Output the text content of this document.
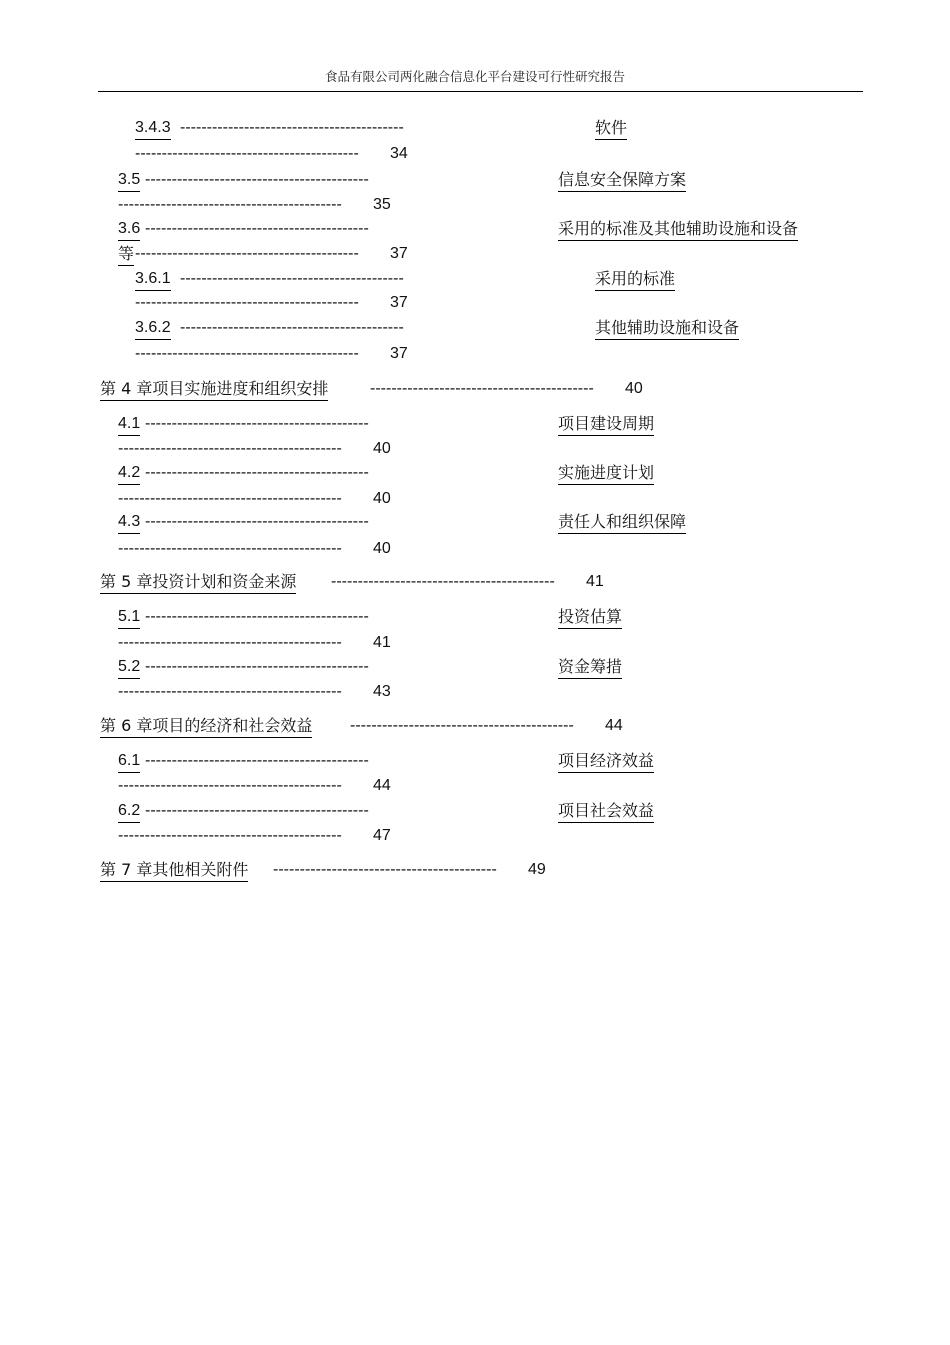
食品有限公司两化融合信息化平台建设可行性研究报告
3.4.3 ------------------------------------------	软件
------------------------------------------ 34
3.5 ------------------------------------------	信息安全保障方案
------------------------------------------ 35
3.6 ------------------------------------------	采用的标准及其他辅助设施和设备
等 ------------------------------------------ 37
3.6.1 ------------------------------------------	采用的标准
------------------------------------------ 37
3.6.2 ------------------------------------------	其他辅助设施和设备
------------------------------------------ 37
第 4 章项目实施进度和组织安排	------------------------------------------ 40
4.1 ------------------------------------------	项目建设周期
------------------------------------------ 40
4.2 ------------------------------------------	实施进度计划
------------------------------------------ 40
4.3 ------------------------------------------	责任人和组织保障
------------------------------------------ 40
第 5 章投资计划和资金来源 ------------------------------------------ 41
5.1 ------------------------------------------	投资估算
------------------------------------------ 41
5.2 ------------------------------------------	资金筹措
------------------------------------------ 43
第 6 章项目的经济和社会效益 ------------------------------------------ 44
6.1 ------------------------------------------	项目经济效益
------------------------------------------ 44
6.2 ------------------------------------------	项目社会效益
------------------------------------------ 47
第 7 章其他相关附件 ------------------------------------------ 49
